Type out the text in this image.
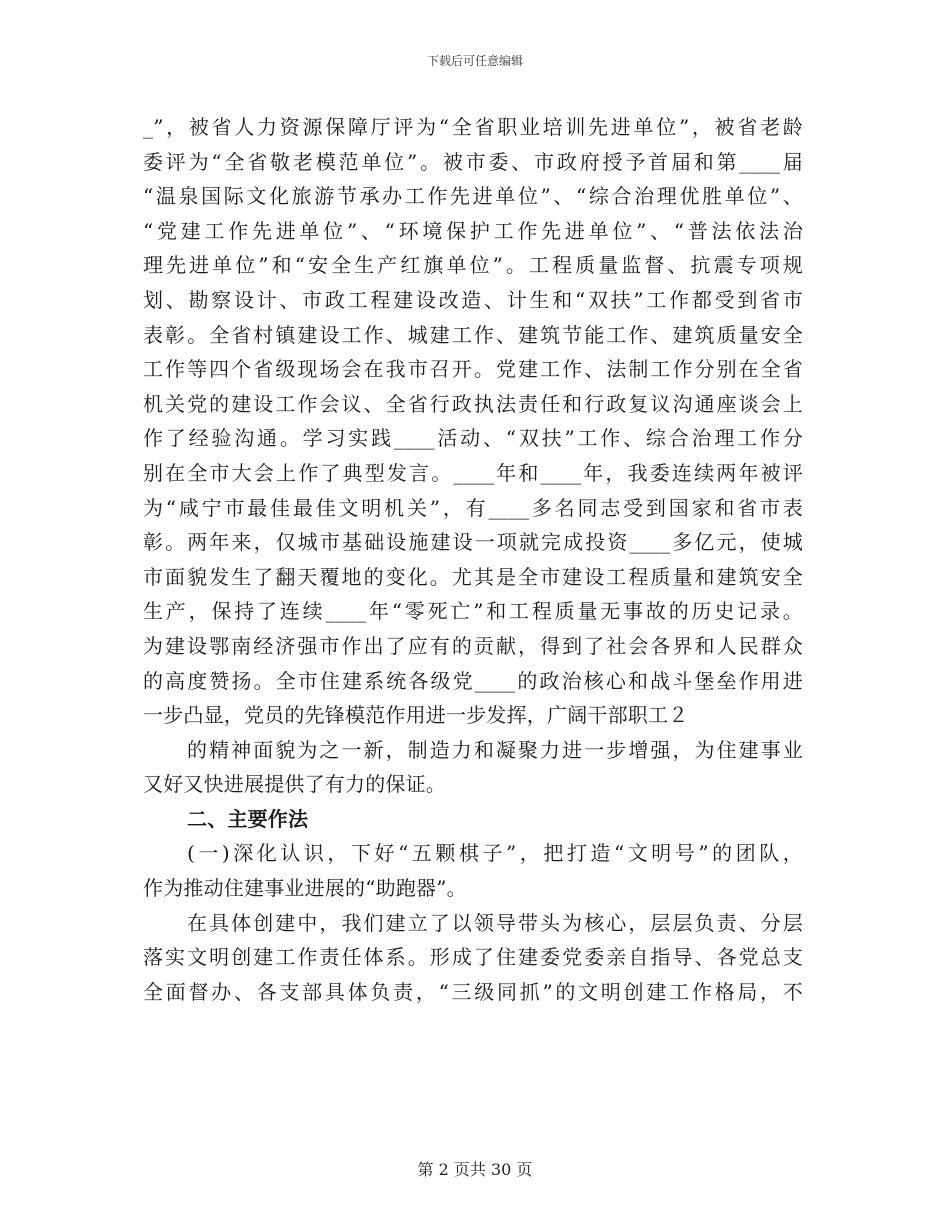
下载后可任意编辑
_”，被省人力资源保障厅评为“全省职业培训先进单位”，被省老龄
委评为“全省敬老模范单位”。被市委、市政府授予首届和第____届
“温泉国际文化旅游节承办工作先进单位”、“综合治理优胜单位”、
“党建工作先进单位”、“环境保护工作先进单位”、“普法依法治
理先进单位”和“安全生产红旗单位”。工程质量监督、抗震专项规
划、勘察设计、市政工程建设改造、计生和“双扶”工作都受到省市
表彰。全省村镇建设工作、城建工作、建筑节能工作、建筑质量安全
工作等四个省级现场会在我市召开。党建工作、法制工作分别在全省
机关党的建设工作会议、全省行政执法责任和行政复议沟通座谈会上
作了经验沟通。学习实践____活动、“双扶”工作、综合治理工作分
别在全市大会上作了典型发言。____年和____年，我委连续两年被评
为“咸宁市最佳最佳文明机关”，有____多名同志受到国家和省市表
彰。两年来，仅城市基础设施建设一项就完成投资____多亿元，使城
市面貌发生了翻天覆地的变化。尤其是全市建设工程质量和建筑安全
生产，保持了连续____年“零死亡”和工程质量无事故的历史记录。
为建设鄂南经济强市作出了应有的贡献，得到了社会各界和人民群众
的高度赞扬。全市住建系统各级党____的政治核心和战斗堡垒作用进
一步凸显，党员的先锋模范作用进一步发挥，广阔干部职工２
的精神面貌为之一新，制造力和凝聚力进一步增强，为住建事业
又好又快进展提供了有力的保证。
二、主要作法
(一)深化认识，下好“五颗棋子”，把打造“文明号”的团队，
作为推动住建事业进展的“助跑器”。
在具体创建中，我们建立了以领导带头为核心，层层负责、分层
落实文明创建工作责任体系。形成了住建委党委亲自指导、各党总支
全面督办、各支部具体负责，“三级同抓”的文明创建工作格局，不
第 2 页共 30 页
